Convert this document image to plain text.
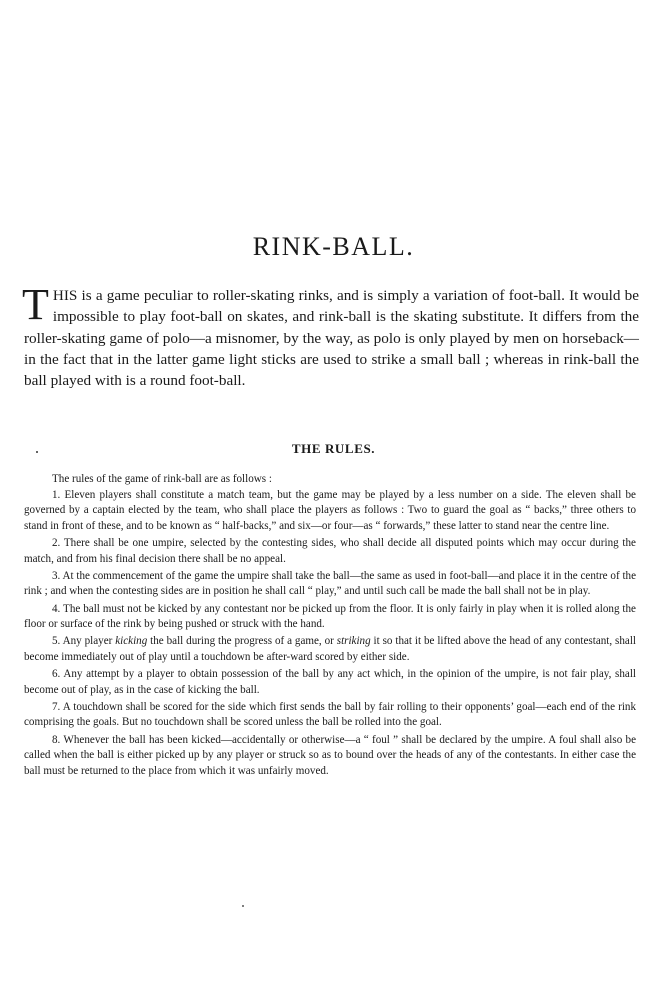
RINK-BALL.

THIS is a game peculiar to roller-skating rinks, and is simply a variation of foot-ball. It would be impossible to play foot-ball on skates, and rink-ball is the skating substitute. It differs from the roller-skating game of polo—a misnomer, by the way, as polo is only played by men on horseback—in the fact that in the latter game light sticks are used to strike a small ball ; whereas in rink-ball the ball played with is a round foot-ball.

THE RULES.

The rules of the game of rink-ball are as follows :

1. Eleven players shall constitute a match team, but the game may be played by a less number on a side. The eleven shall be governed by a captain elected by the team, who shall place the players as follows : Two to guard the goal as “ backs,” three others to stand in front of these, and to be known as “ half-backs,” and six—or four—as “ forwards,” these latter to stand near the centre line.

2. There shall be one umpire, selected by the contesting sides, who shall decide all disputed points which may occur during the match, and from his final decision there shall be no appeal.

3. At the commencement of the game the umpire shall take the ball—the same as used in foot-ball—and place it in the centre of the rink ; and when the contesting sides are in position he shall call “ play,” and until such call be made the ball shall not be in play.

4. The ball must not be kicked by any contestant nor be picked up from the floor. It is only fairly in play when it is rolled along the floor or surface of the rink by being pushed or struck with the hand.

5. Any player kicking the ball during the progress of a game, or striking it so that it be lifted above the head of any contestant, shall become immediately out of play until a touchdown be after-ward scored by either side.

6. Any attempt by a player to obtain possession of the ball by any act which, in the opinion of the umpire, is not fair play, shall become out of play, as in the case of kicking the ball.

7. A touchdown shall be scored for the side which first sends the ball by fair rolling to their opponents’ goal—each end of the rink comprising the goals. But no touchdown shall be scored unless the ball be rolled into the goal.

8. Whenever the ball has been kicked—accidentally or otherwise—a “ foul ” shall be declared by the umpire. A foul shall also be called when the ball is either picked up by any player or struck so as to bound over the heads of any of the contestants. In either case the ball must be returned to the place from which it was unfairly moved.
